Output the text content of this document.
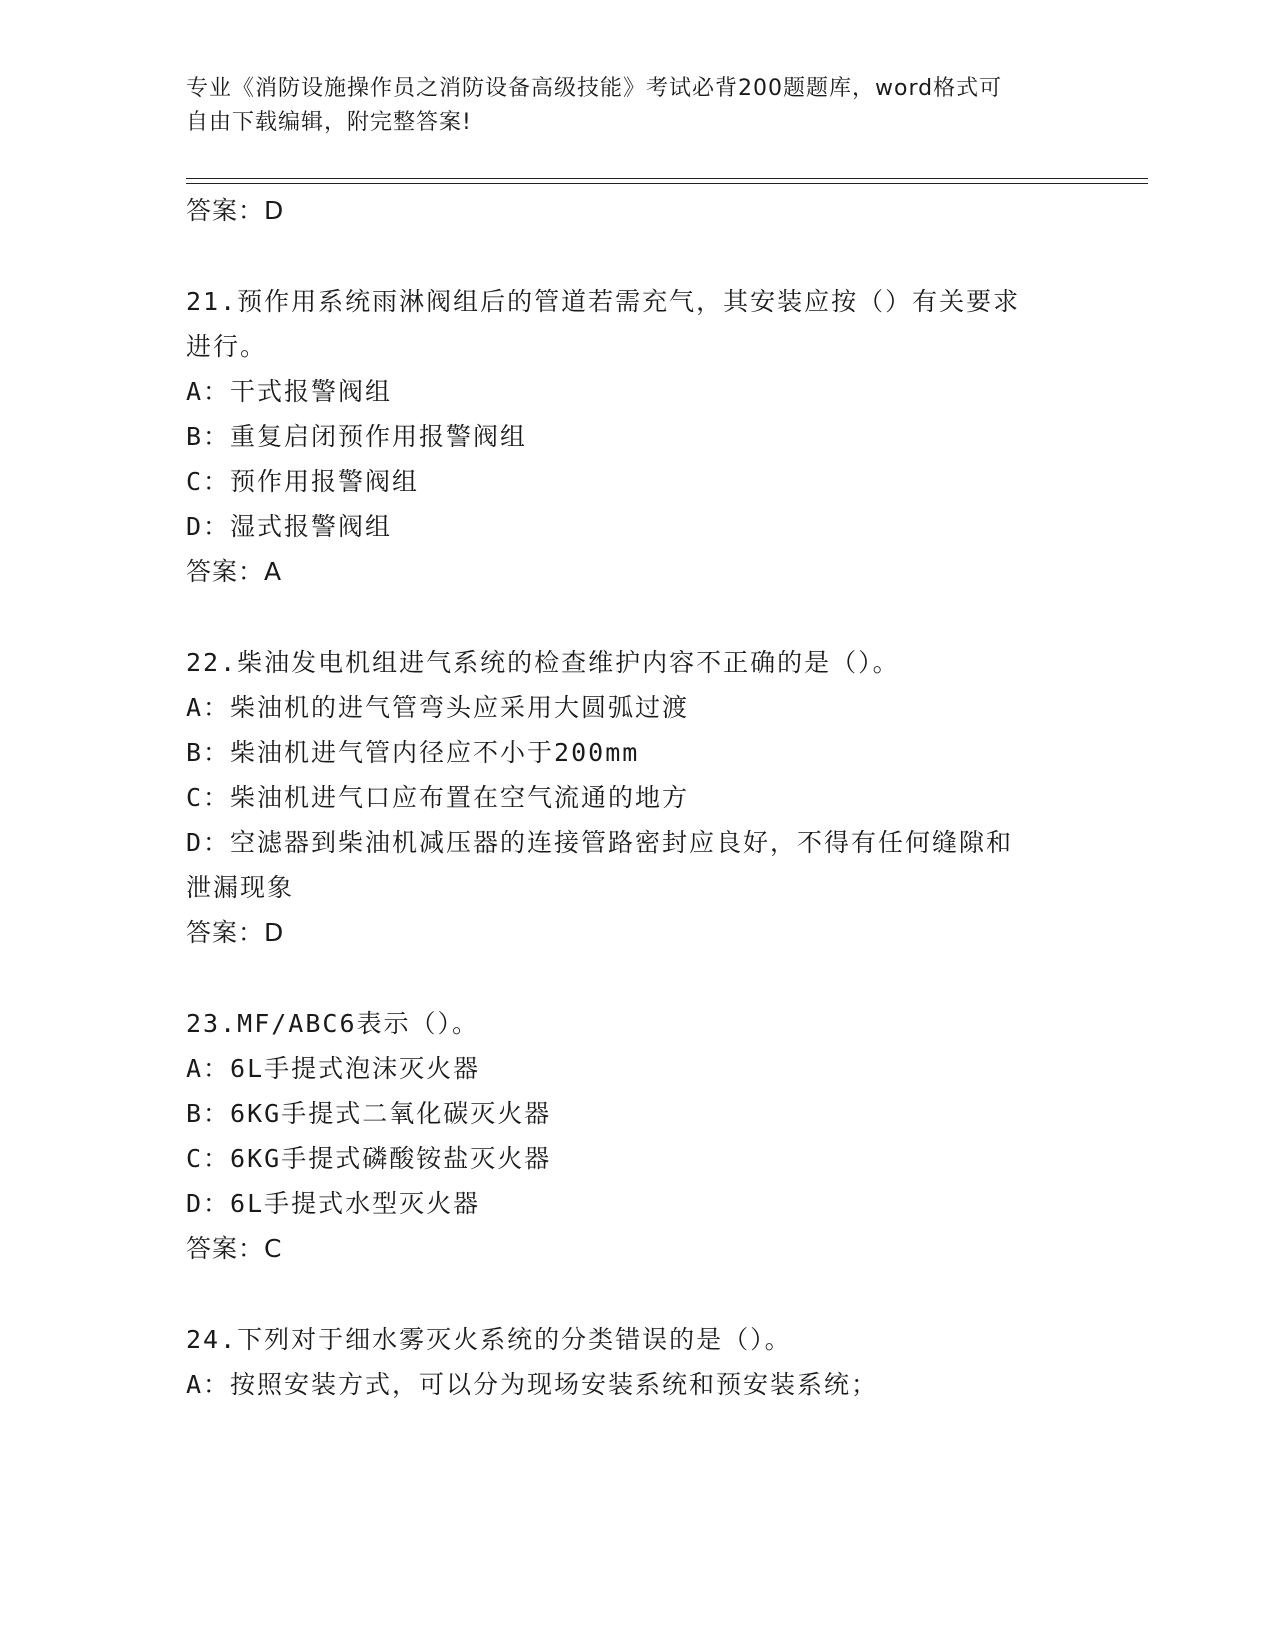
专业《消防设施操作员之消防设备高级技能》考试必背200题题库，word格式可
自由下载编辑，附完整答案!
答案：D
21.预作用系统雨淋阀组后的管道若需充气，其安装应按（）有关要求
进行。
A：干式报警阀组
B：重复启闭预作用报警阀组
C：预作用报警阀组
D：湿式报警阀组
答案：A
22.柴油发电机组进气系统的检查维护内容不正确的是（）。
A：柴油机的进气管弯头应采用大圆弧过渡
B：柴油机进气管内径应不小于200mm
C：柴油机进气口应布置在空气流通的地方
D：空滤器到柴油机减压器的连接管路密封应良好，不得有任何缝隙和
泄漏现象
答案：D
23.MF/ABC6表示（）。
A：6L手提式泡沫灭火器
B：6KG手提式二氧化碳灭火器
C：6KG手提式磷酸铵盐灭火器
D：6L手提式水型灭火器
答案：C
24.下列对于细水雾灭火系统的分类错误的是（）。
A：按照安装方式，可以分为现场安装系统和预安装系统；
